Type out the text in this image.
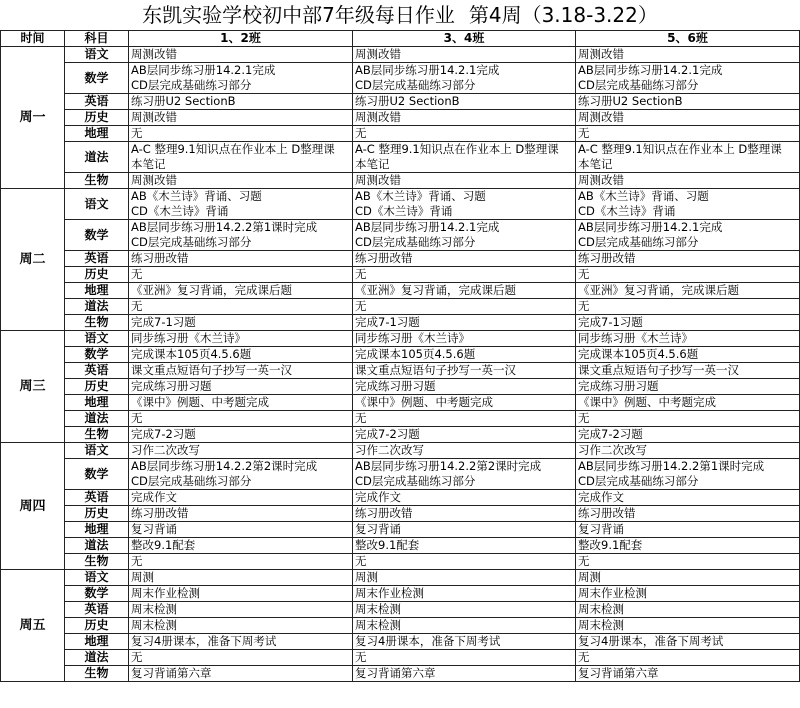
东凯实验学校初中部7年级每日作业 第4周（3.18-3.22）
时间	科目	1、2班	3、4班	5、6班
周一	语文	周测改错	周测改错	周测改错

	数学	AB层同步练习册14.2.1完成
CD层完成基础练习部分	AB层同步练习册14.2.1完成
CD层完成基础练习部分	AB层同步练习册14.2.1完成
CD层完成基础练习部分

	英语	练习册U2 SectionB	练习册U2 SectionB	练习册U2 SectionB

	历史	周测改错	周测改错	周测改错

	地理	无	无	无

	道法	A-C 整理9.1知识点在作业本上 D整理课
本笔记	A-C 整理9.1知识点在作业本上 D整理课
本笔记	A-C 整理9.1知识点在作业本上 D整理课
本笔记

	生物	周测改错	周测改错	周测改错

周二	语文	AB《木兰诗》背诵、习题
CD《木兰诗》背诵	AB《木兰诗》背诵、习题
CD《木兰诗》背诵	AB《木兰诗》背诵、习题
CD《木兰诗》背诵

	数学	AB层同步练习册14.2.2第1课时完成
CD层完成基础练习部分	AB层同步练习册14.2.1完成
CD层完成基础练习部分	AB层同步练习册14.2.1完成
CD层完成基础练习部分

	英语	练习册改错	练习册改错	练习册改错

	历史	无	无	无

	地理	《亚洲》复习背诵，完成课后题	《亚洲》复习背诵，完成课后题	《亚洲》复习背诵，完成课后题

	道法	无	无	无

	生物	完成7-1习题	完成7-1习题	完成7-1习题

周三	语文	同步练习册《木兰诗》	同步练习册《木兰诗》	同步练习册《木兰诗》

	数学	完成课本105页4.5.6题	完成课本105页4.5.6题	完成课本105页4.5.6题

	英语	课文重点短语句子抄写一英一汉	课文重点短语句子抄写一英一汉	课文重点短语句子抄写一英一汉

	历史	完成练习册习题	完成练习册习题	完成练习册习题

	地理	《课中》例题、中考题完成	《课中》例题、中考题完成	《课中》例题、中考题完成

	道法	无	无	无

	生物	完成7-2习题	完成7-2习题	完成7-2习题

周四	语文	习作二次改写	习作二次改写	习作二次改写

	数学	AB层同步练习册14.2.2第2课时完成
CD层完成基础练习部分	AB层同步练习册14.2.2第2课时完成
CD层完成基础练习部分	AB层同步练习册14.2.2第1课时完成
CD层完成基础练习部分

	英语	完成作文	完成作文	完成作文

	历史	练习册改错	练习册改错	练习册改错

	地理	复习背诵	复习背诵	复习背诵

	道法	整改9.1配套	整改9.1配套	整改9.1配套

	生物	无	无	无

周五	语文	周测	周测	周测

	数学	周末作业检测	周末作业检测	周末作业检测

	英语	周末检测	周末检测	周末检测

	历史	周末检测	周末检测	周末检测

	地理	复习4册课本，准备下周考试	复习4册课本，准备下周考试	复习4册课本，准备下周考试

	道法	无	无	无

	生物	复习背诵第六章	复习背诵第六章	复习背诵第六章
